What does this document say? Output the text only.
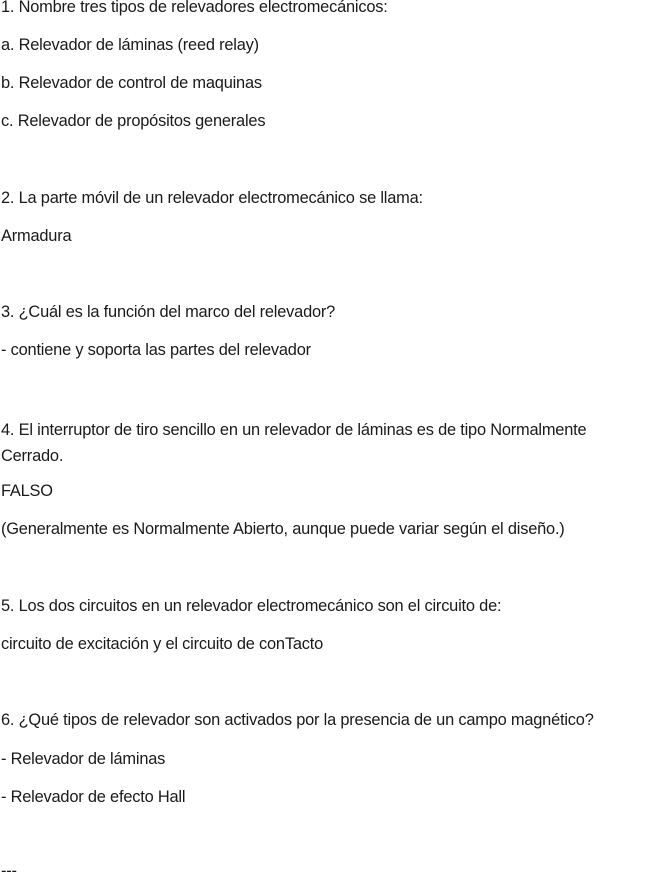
1. Nombre tres tipos de relevadores electromecánicos:

a. Relevador de láminas (reed relay)

b. Relevador de control de maquinas

c. Relevador de propósitos generales

2. La parte móvil de un relevador electromecánico se llama:

Armadura

3. ¿Cuál es la función del marco del relevador?

- contiene y soporta las partes del relevador

4. El interruptor de tiro sencillo en un relevador de láminas es de tipo Normalmente Cerrado.

FALSO

(Generalmente es Normalmente Abierto, aunque puede variar según el diseño.)

5. Los dos circuitos en un relevador electromecánico son el circuito de:

circuito de excitación y el circuito de conTacto

6. ¿Qué tipos de relevador son activados por la presencia de un campo magnético?

- Relevador de láminas

- Relevador de efecto Hall

---
